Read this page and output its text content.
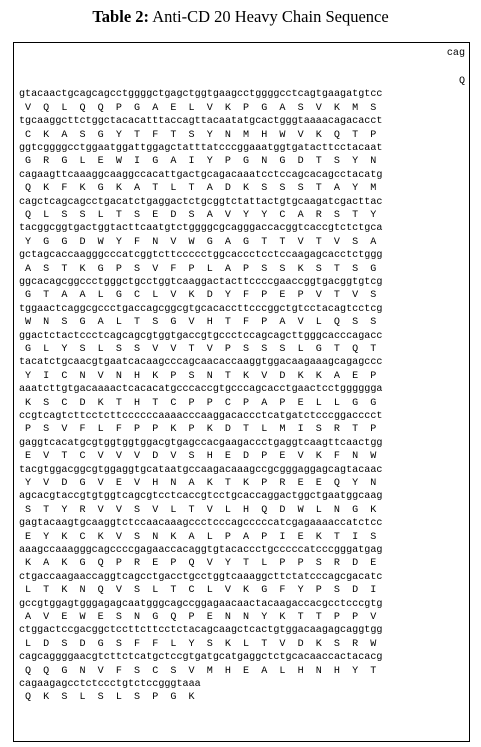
Table 2: Anti-CD 20 Heavy Chain Sequence
cag
Q
gtacaactgcagcagcctggggctgagctggtgaagcctggggcctcagtgaagatgtcc
V  Q  L  Q  Q  P  G  A  E  L  V  K  P  G  A  S  V  K  M  S
tgcaaggcttctggctacacatttaccagttacaatatgcactgggtaaaacagacacct
C  K  A  S  G  Y  T  F  T  S  Y  N  M  H  W  V  K  Q  T  P
ggtcggggcctggaatggattggagctatttatcccggaaatggtgatacttcctacaat
G  R  G  L  E  W  I  G  A  I  Y  P  G  N  G  D  T  S  Y  N
cagaagttcaaaggcaaggccacattgactgcagacaaatcctccagcacagcctacatg
Q  K  F  K  G  K  A  T  L  T  A  D  K  S  S  S  T  A  Y  M
cagctcagcagcctgacatctgaggactctgcggtctattactgtgcaagatcgacttac
Q  L  S  S  L  T  S  E  D  S  A  V  Y  Y  C  A  R  S  T  Y
tacggcggtgactggtacttcaatgtctggggcgcagggaccacggtcaccgtctctgca
Y  G  G  D  W  Y  F  N  V  W  G  A  G  T  T  V  T  V  S  A
gctagcaccaagggcccatcggtcttccccctggcaccctcctccaagagcacctctggg
A  S  T  K  G  P  S  V  F  P  L  A  P  S  S  K  S  T  S  G
ggcacagcggccctgggctgcctggtcaaggactacttccccgaaccggtgacggtgtcg
G  T  A  A  L  G  C  L  V  K  D  Y  F  P  E  P  V  T  V  S
tggaactcaggcgccctgaccagcggcgtgcacaccttcccggctgtcctacagtcctcg
W  N  S  G  A  L  T  S  G  V  H  T  F  P  A  V  L  Q  S  S
ggactctactccctcagcagcgtggtgaccgtgccctccagcagcttgggcacccagacc
G  L  Y  S  L  S  S  V  V  T  V  P  S  S  S  L  G  T  Q  T
tacatctgcaacgtgaatcacaagcccagcaacaccaaggtggacaagaaagcagagccc
Y  I  C  N  V  N  H  K  P  S  N  T  K  V  D  K  K  A  E  P
aaatcttgtgacaaaactcacacatgcccaccgtgcccagcacctgaactcctgggggga
K  S  C  D  K  T  H  T  C  P  P  C  P  A  P  E  L  L  G  G
ccgtcagtcttcctcttccccccaaaacccaaggacaccctcatgatctcccggacccct
P  S  V  F  L  F  P  P  K  P  K  D  T  L  M  I  S  R  T  P
gaggtcacatgcgtggtggtggacgtgagccacgaagaccctgaggtcaagttcaactgg
E  V  T  C  V  V  V  D  V  S  H  E  D  P  E  V  K  F  N  W
tacgtggacggcgtggaggtgcataatgccaagacaaagccgcgggaggagcagtacaac
Y  V  D  G  V  E  V  H  N  A  K  T  K  P  R  E  E  Q  Y  N
agcacgtaccgtgtggtcagcgtcctcaccgtcctgcaccaggactggctgaatggcaag
S  T  Y  R  V  V  S  V  L  T  V  L  H  Q  D  W  L  N  G  K
gagtacaagtgcaaggtctccaacaaagccctcccagcccccatcgagaaaaccatctcc
E  Y  K  C  K  V  S  N  K  A  L  P  A  P  I  E  K  T  I  S
aaagccaaagggcagccccgagaaccacaggtgtacaccctgcccccatcccgggatgag
K  A  K  G  Q  P  R  E  P  Q  V  Y  T  L  P  P  S  R  D  E
ctgaccaagaaccaggtcagcctgacctgcctggtcaaaggcttctatcccagcgacatc
L  T  K  N  Q  V  S  L  T  C  L  V  K  G  F  Y  P  S  D  I
gccgtggagtgggagagcaatgggcagccggagaacaactacaagaccacgcctcccgtg
A  V  E  W  E  S  N  G  Q  P  E  N  N  Y  K  T  T  P  P  V
ctggactccgacggctccttcttcctctacagcaagctcactgtggacaagagcaggtgg
L  D  S  D  G  S  F  F  L  Y  S  K  L  T  V  D  K  S  R  W
cagcaggggaacgtcttctcatgctccgtgatgcatgaggctctgcacaaccactacacg
Q  Q  G  N  V  F  S  C  S  V  M  H  E  A  L  H  N  H  Y  T
cagaagagcctctccctgtctccgggtaaa
Q  K  S  L  S  L  S  P  G  K
